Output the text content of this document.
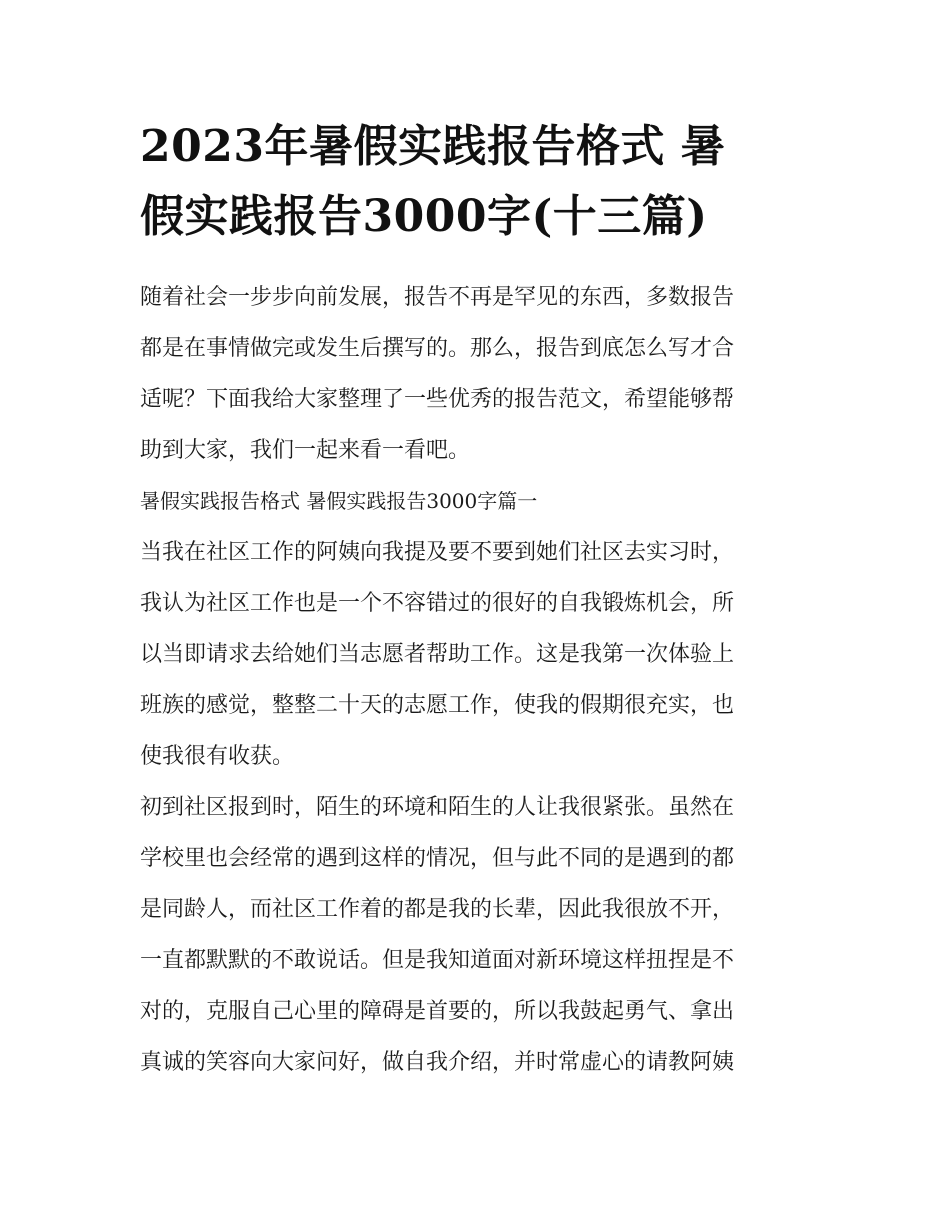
2023年暑假实践报告格式 暑
假实践报告3000字(十三篇)

随着社会一步步向前发展，报告不再是罕见的东西，多数报告
都是在事情做完或发生后撰写的。那么，报告到底怎么写才合
适呢？下面我给大家整理了一些优秀的报告范文，希望能够帮
助到大家，我们一起来看一看吧。

暑假实践报告格式 暑假实践报告3000字篇一

当我在社区工作的阿姨向我提及要不要到她们社区去实习时，
我认为社区工作也是一个不容错过的很好的自我锻炼机会，所
以当即请求去给她们当志愿者帮助工作。这是我第一次体验上
班族的感觉，整整二十天的志愿工作，使我的假期很充实，也
使我很有收获。

初到社区报到时，陌生的环境和陌生的人让我很紧张。虽然在
学校里也会经常的遇到这样的情况，但与此不同的是遇到的都
是同龄人，而社区工作着的都是我的长辈，因此我很放不开，
一直都默默的不敢说话。但是我知道面对新环境这样扭捏是不
对的，克服自己心里的障碍是首要的，所以我鼓起勇气、拿出
真诚的笑容向大家问好，做自我介绍，并时常虚心的请教阿姨
